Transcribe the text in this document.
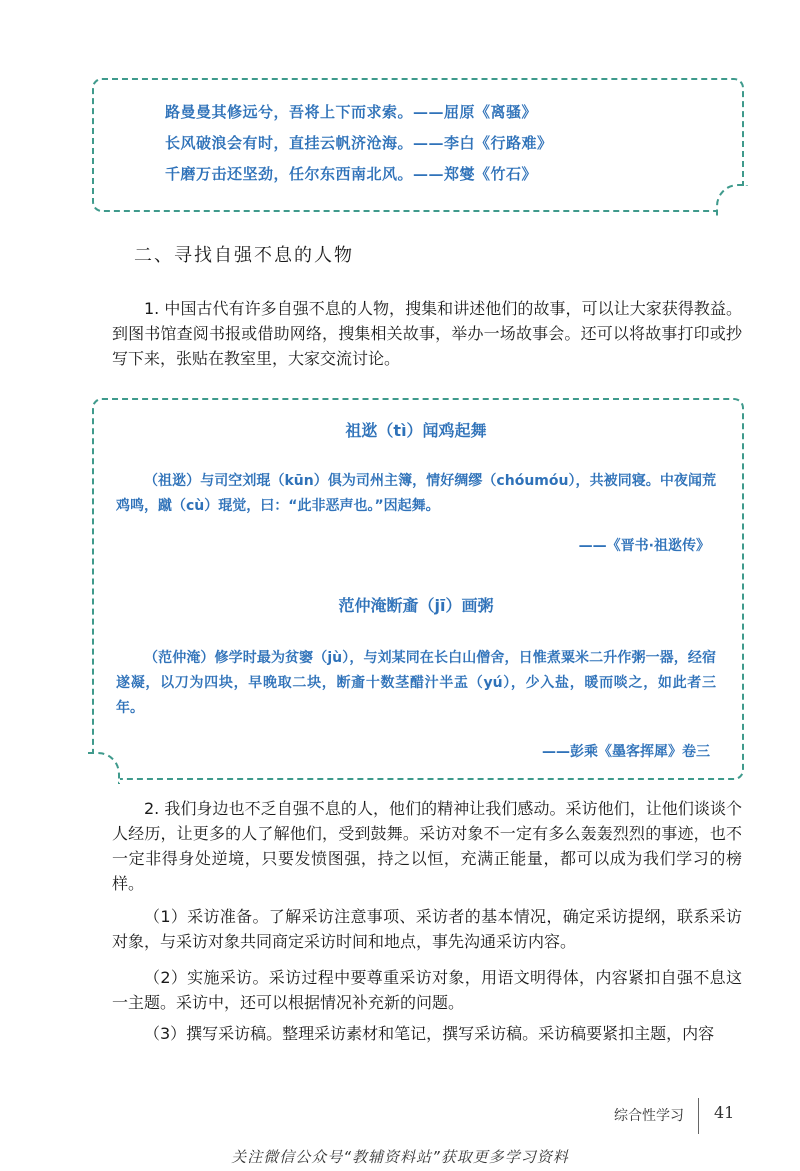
路曼曼其修远兮，吾将上下而求索。——屈原《离骚》
长风破浪会有时，直挂云帆济沧海。——李白《行路难》
千磨万击还坚劲，任尔东西南北风。——郑燮《竹石》
二、寻找自强不息的人物
1. 中国古代有许多自强不息的人物，搜集和讲述他们的故事，可以让大家获得教益。到图书馆查阅书报或借助网络，搜集相关故事，举办一场故事会。还可以将故事打印或抄写下来，张贴在教室里，大家交流讨论。
祖逖（tì）闻鸡起舞
（祖逖）与司空刘琨（kūn）俱为司州主簿，情好绸缪（chóumóu），共被同寝。中夜闻荒鸡鸣，蹴（cù）琨觉，曰：“此非恶声也。”因起舞。
——《晋书·祖逖传》
范仲淹断齑（jī）画粥
（范仲淹）修学时最为贫窭（jù），与刘某同在长白山僧舍，日惟煮粟米二升作粥一器，经宿遂凝，以刀为四块，早晚取二块，断齑十数茎醋汁半盂（yú），少入盐，暖而啖之，如此者三年。
——彭乘《墨客挥犀》卷三
2. 我们身边也不乏自强不息的人，他们的精神让我们感动。采访他们，让他们谈谈个人经历，让更多的人了解他们，受到鼓舞。采访对象不一定有多么轰轰烈烈的事迹，也不一定非得身处逆境，只要发愤图强，持之以恒，充满正能量，都可以成为我们学习的榜样。
（1）采访准备。了解采访注意事项、采访者的基本情况，确定采访提纲，联系采访对象，与采访对象共同商定采访时间和地点，事先沟通采访内容。
（2）实施采访。采访过程中要尊重采访对象，用语文明得体，内容紧扣自强不息这一主题。采访中，还可以根据情况补充新的问题。
（3）撰写采访稿。整理采访素材和笔记，撰写采访稿。采访稿要紧扣主题，内容
综合性学习 41
关注微信公众号“教辅资料站”获取更多学习资料
